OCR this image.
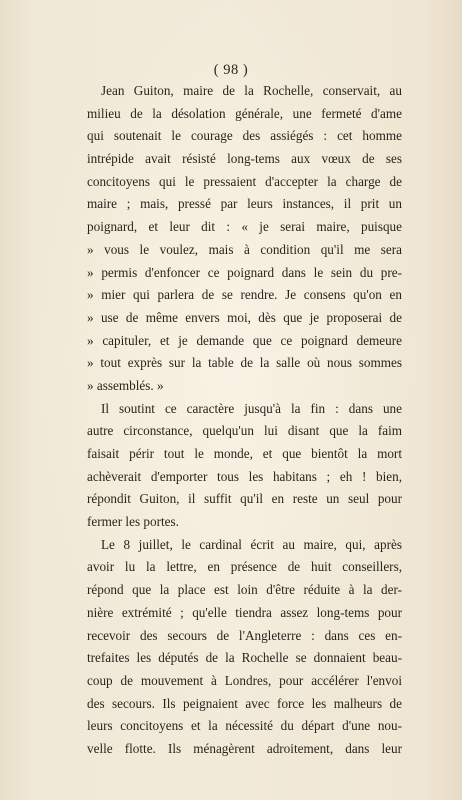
( 98 )
Jean Guiton, maire de la Rochelle, conservait, au
milieu de la désolation générale, une fermeté d'ame
qui soutenait le courage des assiégés : cet homme
intrépide avait résisté long-tems aux vœux de ses
concitoyens qui le pressaient d'accepter la charge de
maire ; mais, pressé par leurs instances, il prit un
poignard, et leur dit : « je serai maire, puisque
» vous le voulez, mais à condition qu'il me sera
» permis d'enfoncer ce poignard dans le sein du pre-
» mier qui parlera de se rendre. Je consens qu'on en
» use de même envers moi, dès que je proposerai de
» capituler, et je demande que ce poignard demeure
» tout exprès sur la table de la salle où nous sommes
» assemblés. »
Il soutint ce caractère jusqu'à la fin : dans une
autre circonstance, quelqu'un lui disant que la faim
faisait périr tout le monde, et que bientôt la mort
achèverait d'emporter tous les habitans ; eh ! bien,
répondit Guiton, il suffit qu'il en reste un seul pour
fermer les portes.
Le 8 juillet, le cardinal écrit au maire, qui, après
avoir lu la lettre, en présence de huit conseillers,
répond que la place est loin d'être réduite à la der-
nière extrémité ; qu'elle tiendra assez long-tems pour
recevoir des secours de l'Angleterre : dans ces en-
trefaites les députés de la Rochelle se donnaient beau-
coup de mouvement à Londres, pour accélérer l'envoi
des secours. Ils peignaient avec force les malheurs de
leurs concitoyens et la nécessité du départ d'une nou-
velle flotte. Ils ménagèrent adroitement, dans leur
